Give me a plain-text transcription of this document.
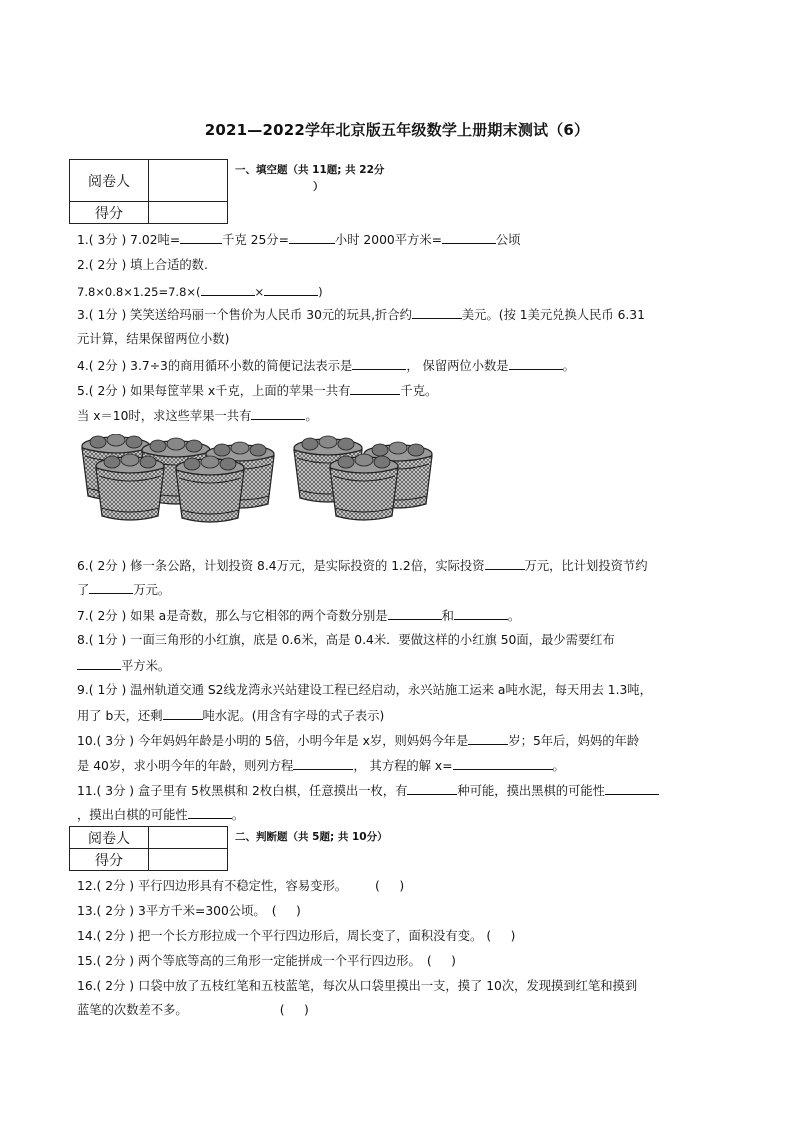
2021—2022学年北京版五年级数学上册期末测试（6）
阅卷人	
得分	
一、填空题（共 11题; 共 22分
）
1.( 3分 ) 7.02吨=	千克 25分=	小时 2000平方米=	公顷
2.( 2分 ) 填上合适的数.
7.8×0.8×1.25=7.8×(	×	)
3.( 1分 ) 笑笑送给玛丽一个售价为人民币 30元的玩具,折合约	美元。(按 1美元兑换人民币 6.31
元计算，结果保留两位小数)
4.( 2分 ) 3.7÷3的商用循环小数的简便记法表示是	， 保留两位小数是	。
5.( 2分 ) 如果每筐苹果 x千克，上面的苹果一共有	千克。
当 x＝10时，求这些苹果一共有	。
6.( 2分 ) 修一条公路，计划投资 8.4万元，是实际投资的 1.2倍，实际投资	万元，比计划投资节约
了	万元。
7.( 2分 ) 如果 a是奇数，那么与它相邻的两个奇数分别是	和	。
8.( 1分 ) 一面三角形的小红旗，底是 0.6米，高是 0.4米．要做这样的小红旗 50面，最少需要红布
平方米。
9.( 1分 ) 温州轨道交通 S2线龙湾永兴站建设工程已经启动，永兴站施工运来 a吨水泥，每天用去 1.3吨，
用了 b天，还剩	吨水泥。(用含有字母的式子表示)
10.( 3分 ) 今年妈妈年龄是小明的 5倍，小明今年是 x岁，则妈妈今年是	岁；5年后，妈妈的年龄
是 40岁，求小明今年的年龄，则列方程	， 其方程的解 x=	。
11.( 3分 ) 盒子里有 5枚黑棋和 2枚白棋，任意摸出一枚，有	种可能，摸出黑棋的可能性
，摸出白棋的可能性	。
阅卷人	
得分	
二、判断题（共 5题; 共 10分）
12.( 2分 ) 平行四边形具有不稳定性，容易变形。 (     )
13.( 2分 ) 3平方千米=300公顷。 (     )
14.( 2分 ) 把一个长方形拉成一个平行四边形后，周长变了，面积没有变。 (     )
15.( 2分 ) 两个等底等高的三角形一定能拼成一个平行四边形。 (     )
16.( 2分 ) 口袋中放了五枝红笔和五枝蓝笔，每次从口袋里摸出一支，摸了 10次，发现摸到红笔和摸到
蓝笔的次数差不多。	(     )
